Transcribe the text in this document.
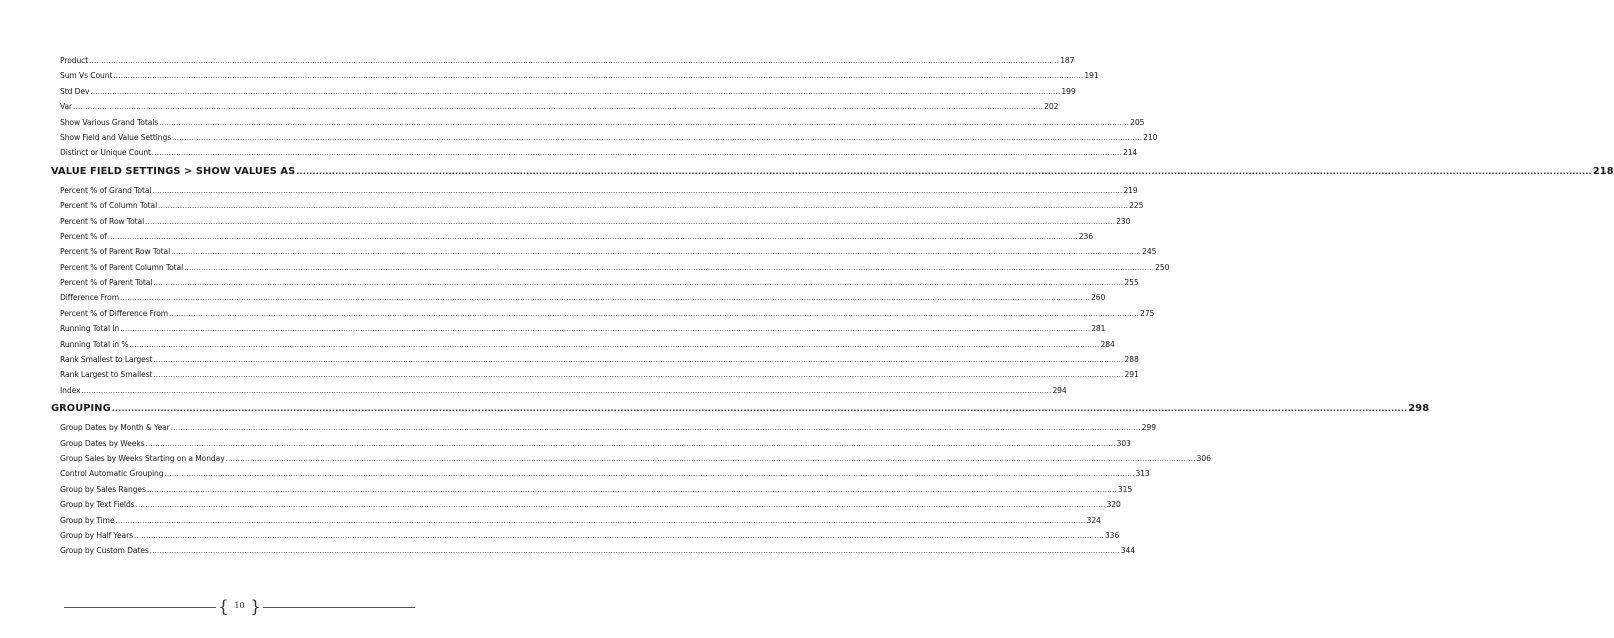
Product ................................................................................................................................................................................................................................................................................................................................................................................................................ 187
Sum Vs Count ................................................................................................................................................................................................................................................................................................................................................................................................................ 191
Std Dev ................................................................................................................................................................................................................................................................................................................................................................................................................ 199
Var ................................................................................................................................................................................................................................................................................................................................................................................................................ 202
Show Various Grand Totals ................................................................................................................................................................................................................................................................................................................................................................................................................ 205
Show Field and Value Settings ................................................................................................................................................................................................................................................................................................................................................................................................................ 210
Distinct or Unique Count ................................................................................................................................................................................................................................................................................................................................................................................................................ 214
VALUE FIELD SETTINGS > SHOW VALUES AS ................................................................................................................................................................................................................................................................................................................................................................................................................ 218
Percent % of Grand Total ................................................................................................................................................................................................................................................................................................................................................................................................................ 219
Percent % of Column Total ................................................................................................................................................................................................................................................................................................................................................................................................................ 225
Percent % of Row Total ................................................................................................................................................................................................................................................................................................................................................................................................................ 230
Percent % of ................................................................................................................................................................................................................................................................................................................................................................................................................ 236
Percent % of Parent Row Total ................................................................................................................................................................................................................................................................................................................................................................................................................ 245
Percent % of Parent Column Total ................................................................................................................................................................................................................................................................................................................................................................................................................ 250
Percent % of Parent Total ................................................................................................................................................................................................................................................................................................................................................................................................................ 255
Difference From ................................................................................................................................................................................................................................................................................................................................................................................................................ 260
Percent % of Difference From ................................................................................................................................................................................................................................................................................................................................................................................................................ 275
Running Total In ................................................................................................................................................................................................................................................................................................................................................................................................................ 281
Running Total in % ................................................................................................................................................................................................................................................................................................................................................................................................................ 284
Rank Smallest to Largest ................................................................................................................................................................................................................................................................................................................................................................................................................ 288
Rank Largest to Smallest ................................................................................................................................................................................................................................................................................................................................................................................................................ 291
Index ................................................................................................................................................................................................................................................................................................................................................................................................................ 294
GROUPING ................................................................................................................................................................................................................................................................................................................................................................................................................ 298
Group Dates by Month & Year ................................................................................................................................................................................................................................................................................................................................................................................................................ 299
Group Dates by Weeks ................................................................................................................................................................................................................................................................................................................................................................................................................ 303
Group Sales by Weeks Starting on a Monday ................................................................................................................................................................................................................................................................................................................................................................................................................ 306
Control Automatic Grouping ................................................................................................................................................................................................................................................................................................................................................................................................................ 313
Group by Sales Ranges ................................................................................................................................................................................................................................................................................................................................................................................................................ 315
Group by Text Fields ................................................................................................................................................................................................................................................................................................................................................................................................................ 320
Group by Time ................................................................................................................................................................................................................................................................................................................................................................................................................ 324
Group by Half Years ................................................................................................................................................................................................................................................................................................................................................................................................................ 336
Group by Custom Dates ................................................................................................................................................................................................................................................................................................................................................................................................................ 344
{ 10 }
